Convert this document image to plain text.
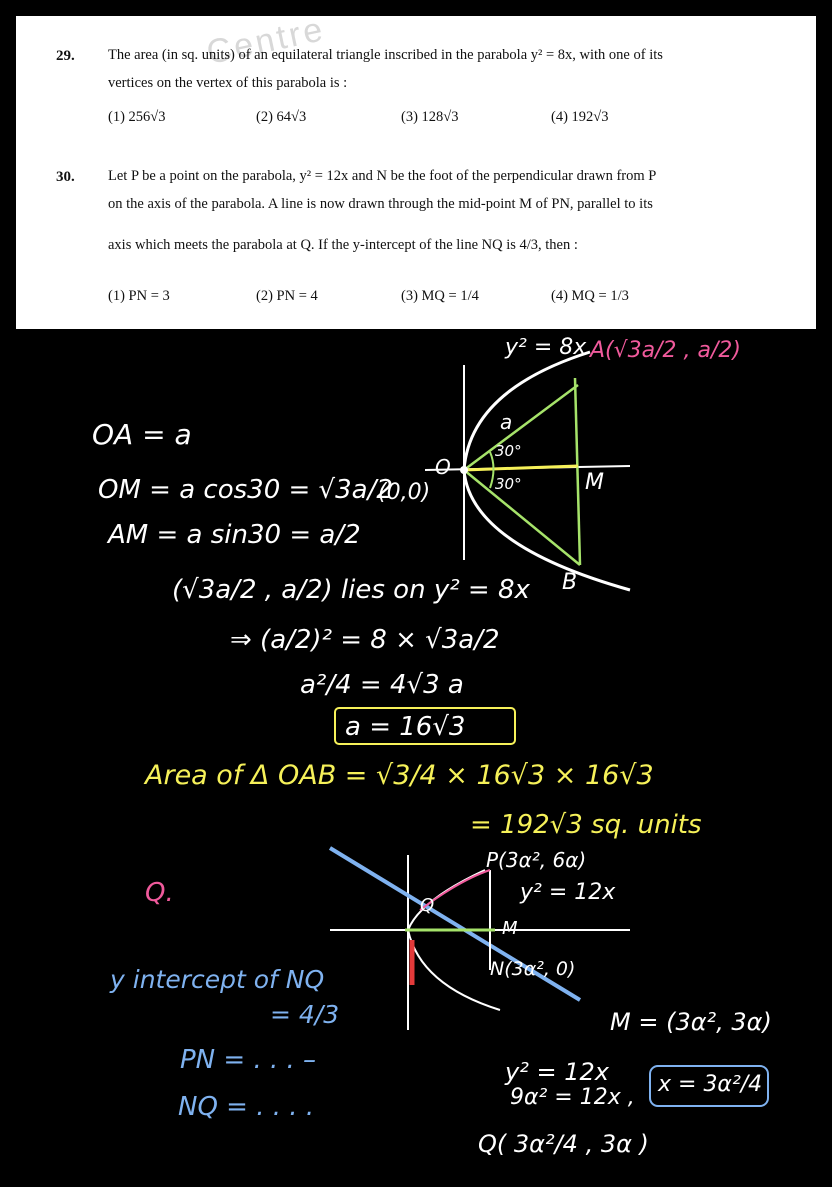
Centre
29. The area (in sq. units) of an equilateral triangle inscribed in the parabola y² = 8x, with one of its
vertices on the vertex of this parabola is :
(1) 256√3	(2) 64√3	(3) 128√3	(4) 192√3
30. Let P be a point on the parabola, y² = 12x and N be the foot of the perpendicular drawn from P
on the axis of the parabola. A line is now drawn through the mid-point M of PN, parallel to its
axis which meets the parabola at Q. If the y-intercept of the line NQ is 4/3, then :
(1) PN = 3	(2) PN = 4	(3) MQ = 1/4	(4) MQ = 1/3
OA = a
OM = a cos30 = √3a/2
AM = a sin30 = a/2
(√3a/2 , a/2) lies on y² = 8x
⇒ (a/2)² = 8 × √3a/2
a²/4 = 4√3 a
a = 16√3
Area of Δ OAB = √3/4 × 16√3 × 16√3
= 192√3 sq. units
y² = 8x A(√3a/2 , a/2)
O
(0,0)	M
B
a
30°
30°
Q.
y intercept of NQ
= 4/3
PN = . . . –
NQ = . . . .
P(3α², 6α)
y² = 12x
M
N(3α², 0)
Q
M = (3α², 3α)
y² = 12x
9α² = 12x ,
x = 3α²/4
Q( 3α²/4 , 3α )
